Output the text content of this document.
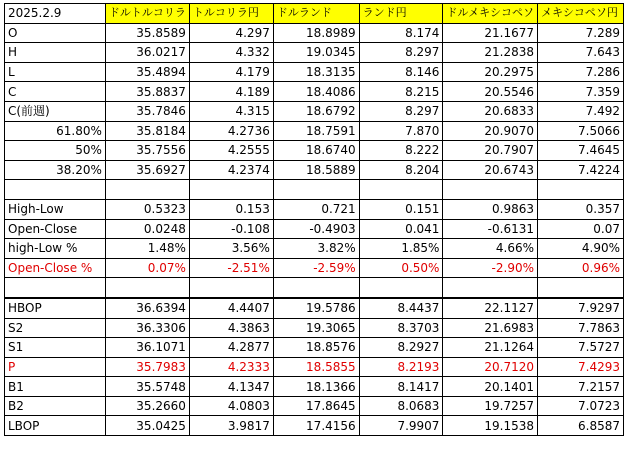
2025.2.9	ドルトルコリラ	トルコリラ円	ドルランド	ランド円	ドルメキシコペソ	メキシコペソ円
O	35.8589	4.297	18.8989	8.174	21.1677	7.289
H	36.0217	4.332	19.0345	8.297	21.2838	7.643
L	35.4894	4.179	18.3135	8.146	20.2975	7.286
C	35.8837	4.189	18.4086	8.215	20.5546	7.359
C(前週)	35.7846	4.315	18.6792	8.297	20.6833	7.492
61.80%	35.8184	4.2736	18.7591	7.870	20.9070	7.5066
50%	35.7556	4.2555	18.6740	8.222	20.7907	7.4645
38.20%	35.6927	4.2374	18.5889	8.204	20.6743	7.4224

High-Low	0.5323	0.153	0.721	0.151	0.9863	0.357
Open-Close	0.0248	-0.108	-0.4903	0.041	-0.6131	0.07
high-Low %	1.48%	3.56%	3.82%	1.85%	4.66%	4.90%
Open-Close %	0.07%	-2.51%	-2.59%	0.50%	-2.90%	0.96%

HBOP	36.6394	4.4407	19.5786	8.4437	22.1127	7.9297
S2	36.3306	4.3863	19.3065	8.3703	21.6983	7.7863
S1	36.1071	4.2877	18.8576	8.2927	21.1264	7.5727
P	35.7983	4.2333	18.5855	8.2193	20.7120	7.4293
B1	35.5748	4.1347	18.1366	8.1417	20.1401	7.2157
B2	35.2660	4.0803	17.8645	8.0683	19.7257	7.0723
LBOP	35.0425	3.9817	17.4156	7.9907	19.1538	6.8587
